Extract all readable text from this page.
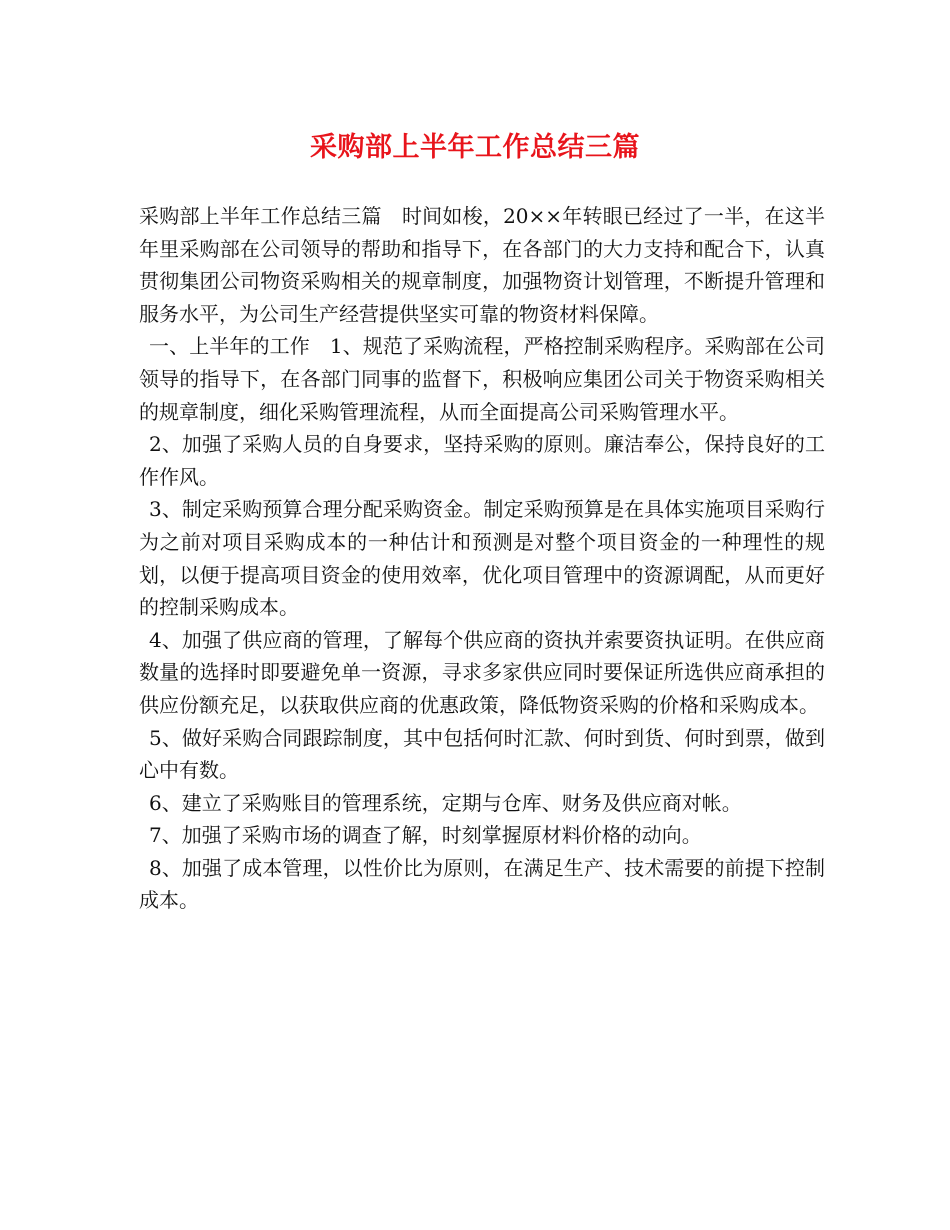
采购部上半年工作总结三篇

采购部上半年工作总结三篇　时间如梭，20××年转眼已经过了一半，在这半年里采购部在公司领导的帮助和指导下，在各部门的大力支持和配合下，认真贯彻集团公司物资采购相关的规章制度，加强物资计划管理，不断提升管理和服务水平，为公司生产经营提供坚实可靠的物资材料保障。

一、上半年的工作　1、规范了采购流程，严格控制采购程序。采购部在公司领导的指导下，在各部门同事的监督下，积极响应集团公司关于物资采购相关的规章制度，细化采购管理流程，从而全面提高公司采购管理水平。

2、加强了采购人员的自身要求，坚持采购的原则。廉洁奉公，保持良好的工作作风。

3、制定采购预算合理分配采购资金。制定采购预算是在具体实施项目采购行为之前对项目采购成本的一种估计和预测是对整个项目资金的一种理性的规划，以便于提高项目资金的使用效率，优化项目管理中的资源调配，从而更好的控制采购成本。

4、加强了供应商的管理，了解每个供应商的资执并索要资执证明。在供应商数量的选择时即要避免单一资源，寻求多家供应同时要保证所选供应商承担的供应份额充足，以获取供应商的优惠政策，降低物资采购的价格和采购成本。

5、做好采购合同跟踪制度，其中包括何时汇款、何时到货、何时到票，做到心中有数。

6、建立了采购账目的管理系统，定期与仓库、财务及供应商对帐。

7、加强了采购市场的调查了解，时刻掌握原材料价格的动向。

8、加强了成本管理，以性价比为原则，在满足生产、技术需要的前提下控制成本。
